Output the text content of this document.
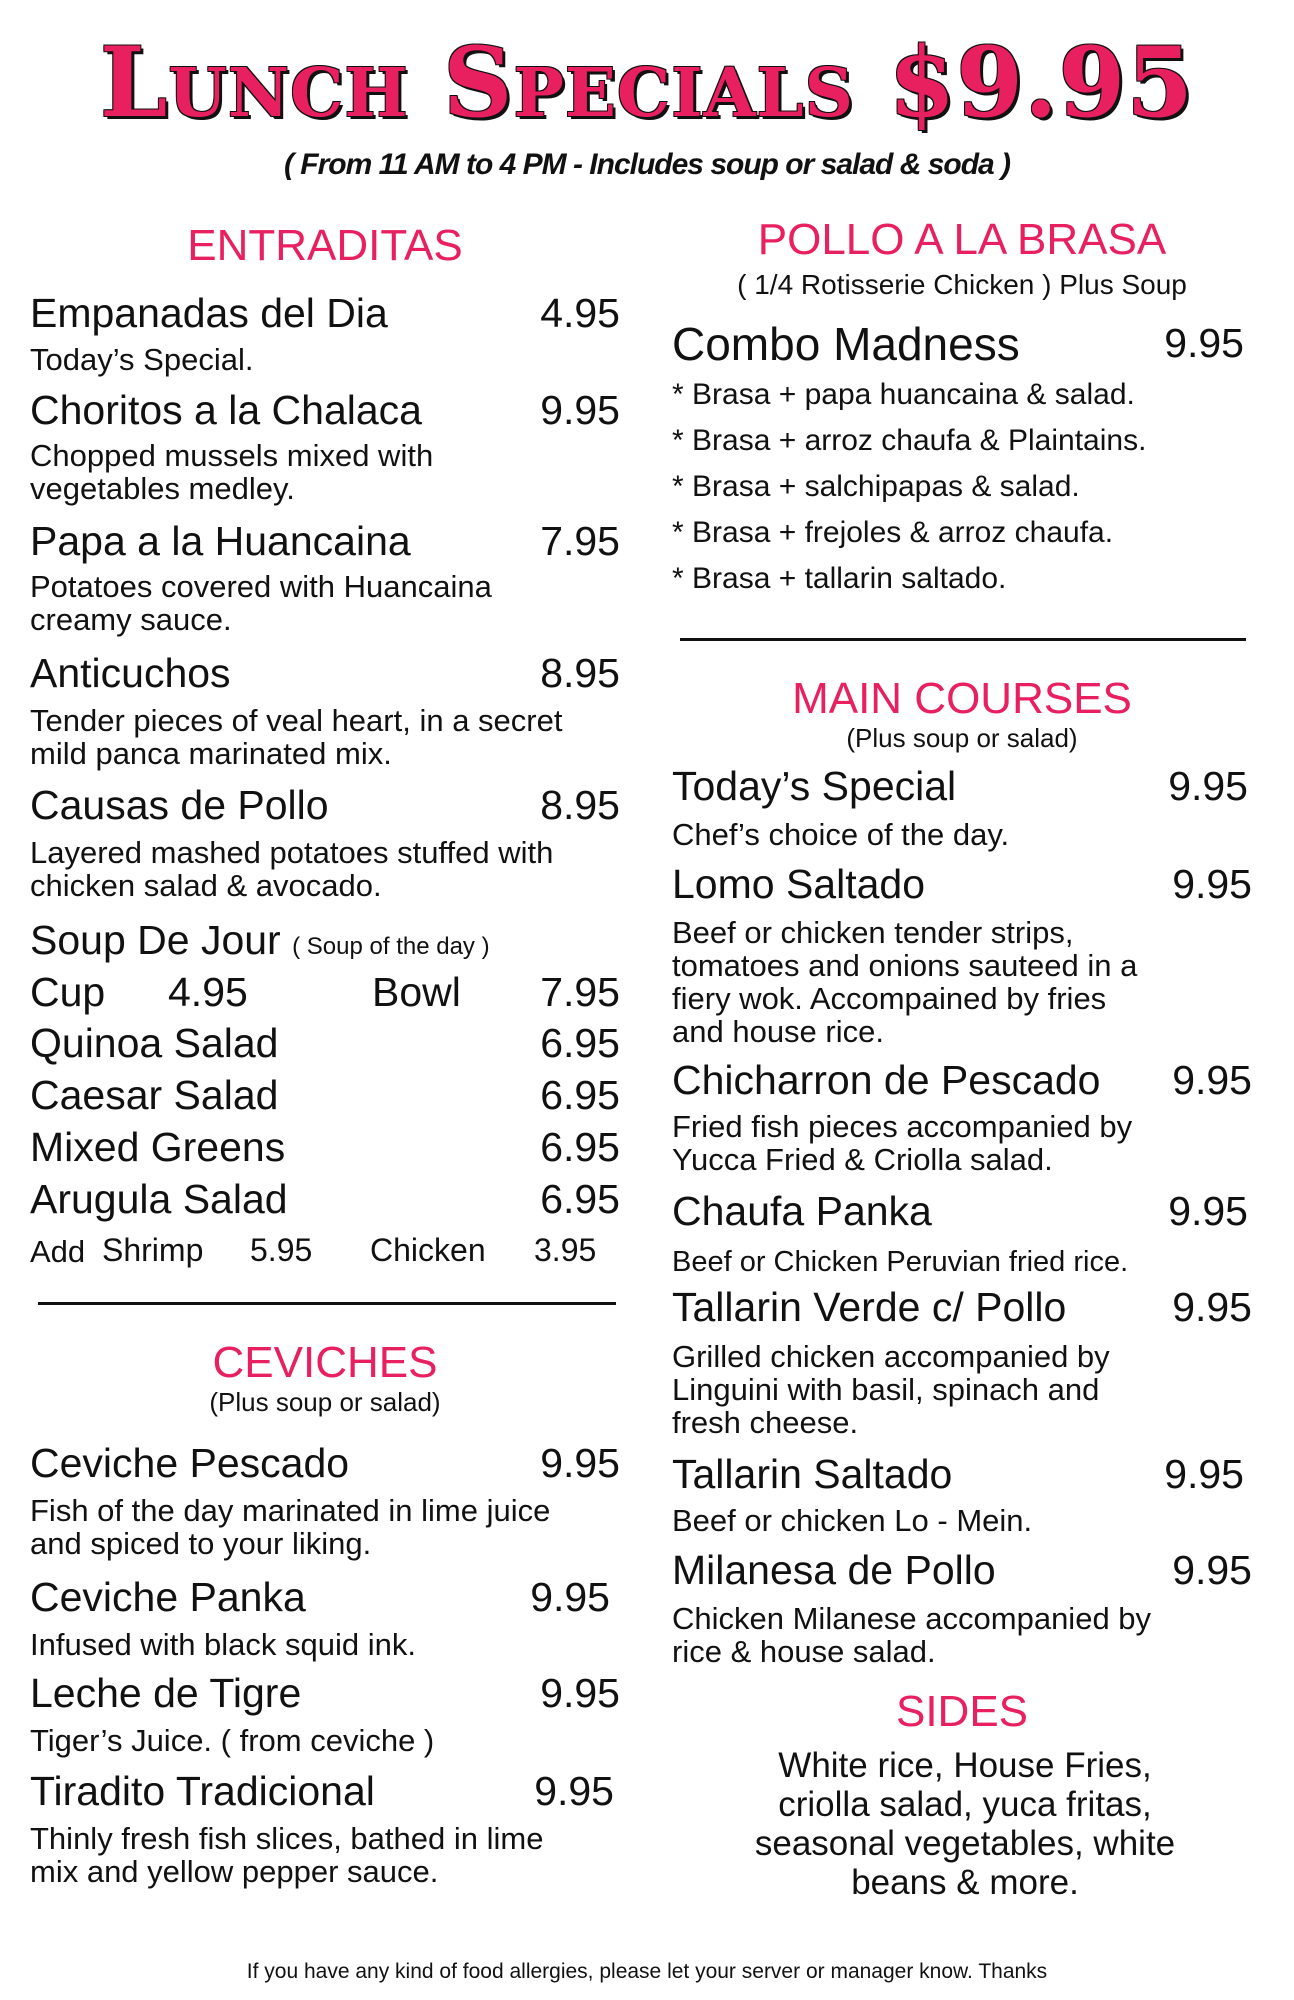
Lunch Specials $9.95
( From 11 AM to 4 PM - Includes soup or salad & soda )
ENTRADITAS
Empanadas del Dia	4.95
Today’s Special.
Choritos a la Chalaca	9.95
Chopped mussels mixed with vegetables medley.
Papa a la Huancaina	7.95
Potatoes covered with Huancaina creamy sauce.
Anticuchos	8.95
Tender pieces of veal heart, in a secret mild panca marinated mix.
Causas de Pollo	8.95
Layered mashed potatoes stuffed with chicken salad & avocado.
Soup De Jour ( Soup of the day )
Cup 4.95	Bowl 7.95
Quinoa Salad	6.95
Caesar Salad	6.95
Mixed Greens	6.95
Arugula Salad	6.95
Add Shrimp 5.95 Chicken 3.95
CEVICHES
(Plus soup or salad)
Ceviche Pescado	9.95
Fish of the day marinated in lime juice and spiced to your liking.
Ceviche Panka	9.95
Infused with black squid ink.
Leche de Tigre	9.95
Tiger’s Juice. ( from ceviche )
Tiradito Tradicional	9.95
Thinly fresh fish slices, bathed in lime mix and yellow pepper sauce.
POLLO A LA BRASA
( 1/4 Rotisserie Chicken ) Plus Soup
Combo Madness	9.95
* Brasa + papa huancaina & salad.
* Brasa + arroz chaufa & Plaintains.
* Brasa + salchipapas & salad.
* Brasa + frejoles & arroz chaufa.
* Brasa + tallarin saltado.
MAIN COURSES
(Plus soup or salad)
Today’s Special	9.95
Chef’s choice of the day.
Lomo Saltado	9.95
Beef or chicken tender strips, tomatoes and onions sauteed in a fiery wok. Accompained by fries and house rice.
Chicharron de Pescado 9.95
Fried fish pieces accompanied by Yucca Fried & Criolla salad.
Chaufa Panka	9.95
Beef or Chicken Peruvian fried rice.
Tallarin Verde c/ Pollo	9.95
Grilled chicken accompanied by Linguini with basil, spinach and fresh cheese.
Tallarin Saltado	9.95
Beef or chicken Lo - Mein.
Milanesa de Pollo	9.95
Chicken Milanese accompanied by rice & house salad.
SIDES
White rice, House Fries, criolla salad, yuca fritas, seasonal vegetables, white beans & more.
If you have any kind of food allergies, please let your server or manager know. Thanks
